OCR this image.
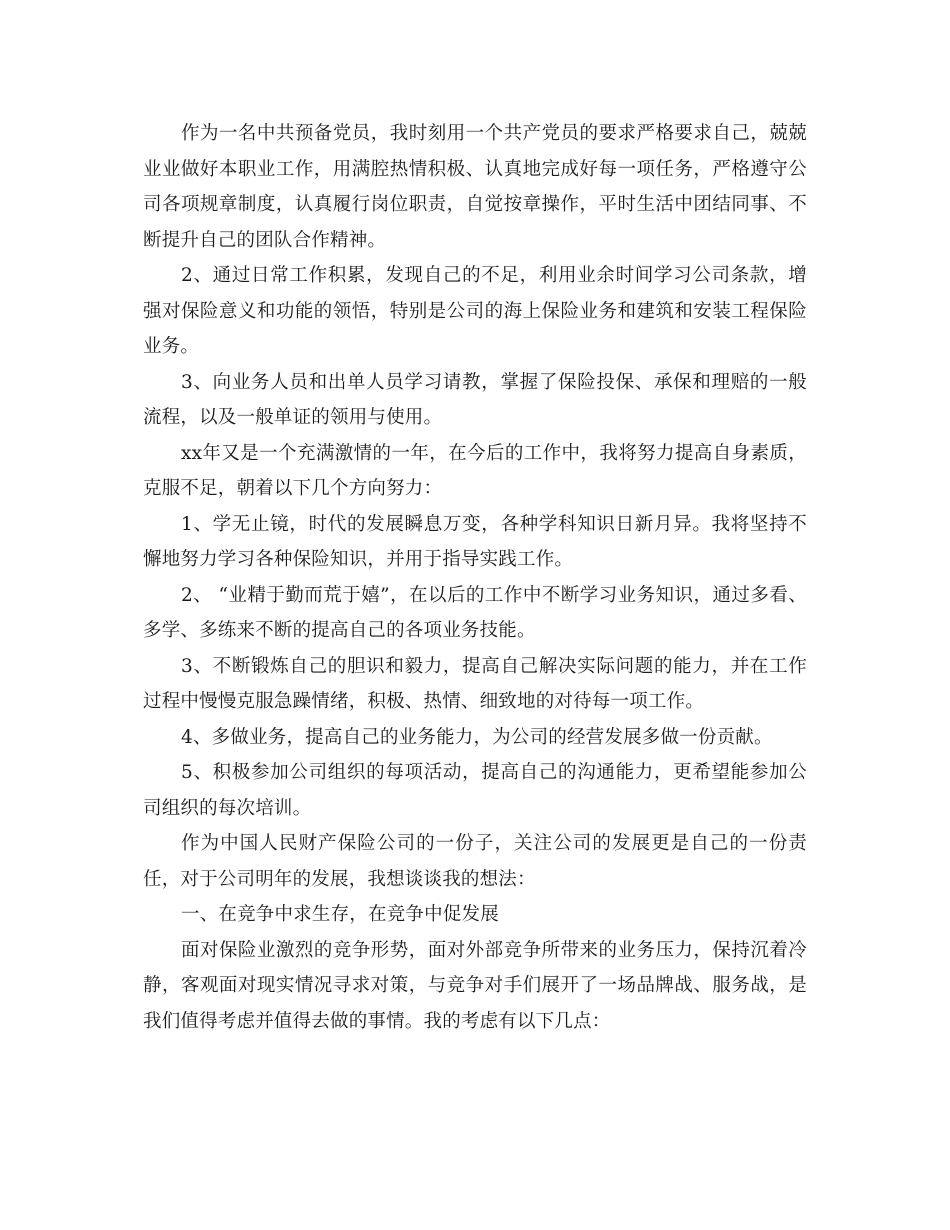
作为一名中共预备党员，我时刻用一个共产党员的要求严格要求自己，兢兢业业做好本职业工作，用满腔热情积极、认真地完成好每一项任务，严格遵守公司各项规章制度，认真履行岗位职责，自觉按章操作，平时生活中团结同事、不断提升自己的团队合作精神。

2、通过日常工作积累，发现自己的不足，利用业余时间学习公司条款，增强对保险意义和功能的领悟，特别是公司的海上保险业务和建筑和安装工程保险业务。

3、向业务人员和出单人员学习请教，掌握了保险投保、承保和理赔的一般流程，以及一般单证的领用与使用。

xx年又是一个充满激情的一年，在今后的工作中，我将努力提高自身素质，克服不足，朝着以下几个方向努力：

1、学无止镜，时代的发展瞬息万变，各种学科知识日新月异。我将坚持不懈地努力学习各种保险知识，并用于指导实践工作。

2、 “业精于勤而荒于嬉”，在以后的工作中不断学习业务知识，通过多看、多学、多练来不断的提高自己的各项业务技能。

3、不断锻炼自己的胆识和毅力，提高自己解决实际问题的能力，并在工作过程中慢慢克服急躁情绪，积极、热情、细致地的对待每一项工作。

4、多做业务，提高自己的业务能力，为公司的经营发展多做一份贡献。

5、积极参加公司组织的每项活动，提高自己的沟通能力，更希望能参加公司组织的每次培训。

作为中国人民财产保险公司的一份子，关注公司的发展更是自己的一份责任，对于公司明年的发展，我想谈谈我的想法：

一、在竞争中求生存，在竞争中促发展

面对保险业激烈的竞争形势，面对外部竞争所带来的业务压力，保持沉着冷静，客观面对现实情况寻求对策，与竞争对手们展开了一场品牌战、服务战，是我们值得考虑并值得去做的事情。我的考虑有以下几点：
